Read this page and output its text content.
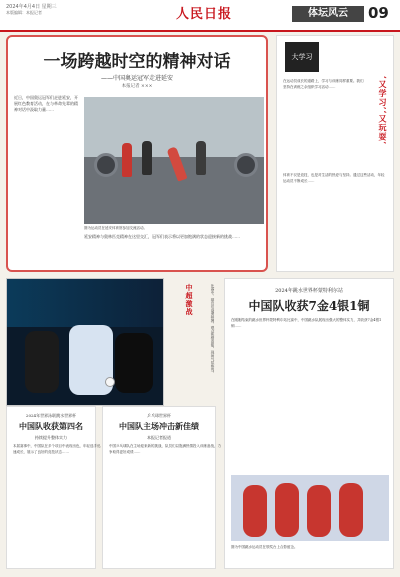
2024年4月4日 星期三
本版编辑：本报记者	人民日报	体坛风云	09
一场跨越时空的精神对话
——中国奥运冠军走进延安
本报记者 ×××
近日，中国奥运冠军们走进延安，开展红色教育活动，在与革命先辈的精神对话中汲取力量……
图为运动员在延安体育馆参加交流活动。
延安精神与奥林匹克精神在这里交汇，冠军们表示将以更加饱满的状态迎接新的挑战……
大学习
‘又学习’‘又玩耍’
在运动员成长的道路上，学习与训练同样重要。我们坚持在训练之余组织学习活动……
体育不仅是竞技，也是对生活的热爱与坚持。通过这些活动，年轻运动员不断成长……
中超激战	比赛中，球员们奋勇拼搏，观众热情高涨，现场气氛热烈。	2024年跳水世界杯蒙特利尔站
中国队收获7金4银1铜
在刚刚结束的跳水世界杯蒙特利尔站比赛中，中国跳水队展现出强大的整体实力，共收获7金4银1铜……
图为中国跳水运动员在领奖台上合影留念。
2024年世界泳联跳水世界杯
中国队收获第四名
持续提升整体实力
本届赛事中，中国队在多个项目中表现出色，年轻选手迅速成长，展示了良好的竞技状态……
乒乓球世界杯
中国队主场冲击新佳绩
本报记者报道
中国乒乓球队在主场迎来新的挑战，队员们以饱满热情投入训练备战，力争取得更好成绩……
